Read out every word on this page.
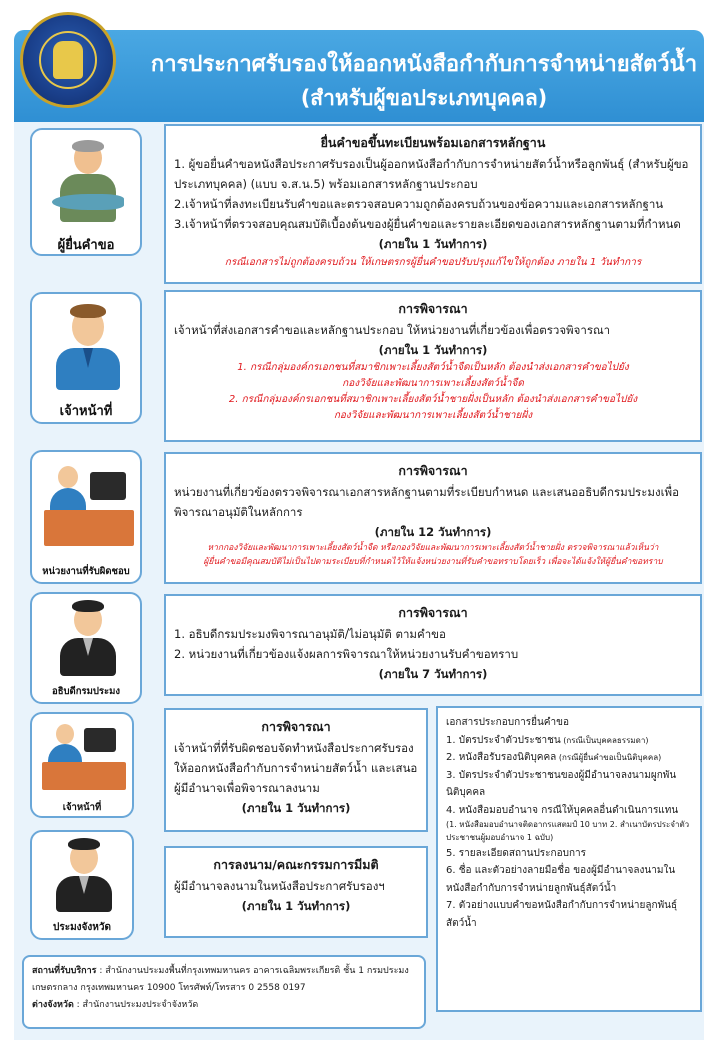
การประกาศรับรองให้ออกหนังสือกำกับการจำหน่ายสัตว์น้ำ
(สำหรับผู้ขอประเภทบุคคล)
ผู้ยื่นคำขอ
เจ้าหน้าที่
หน่วยงานที่รับผิดชอบ
อธิบดีกรมประมง
เจ้าหน้าที่
ประมงจังหวัด
ยื่นคำขอขึ้นทะเบียนพร้อมเอกสารหลักฐาน
1. ผู้ขอยื่นคำขอหนังสือประกาศรับรองเป็นผู้ออกหนังสือกำกับการจำหน่ายสัตว์น้ำหรือลูกพันธุ์ (สำหรับผู้ขอประเภทบุคคล) (แบบ จ.ส.น.5) พร้อมเอกสารหลักฐานประกอบ
2.เจ้าหน้าที่ลงทะเบียนรับคำขอและตรวจสอบความถูกต้องครบถ้วนของข้อความและเอกสารหลักฐาน
3.เจ้าหน้าที่ตรวจสอบคุณสมบัติเบื้องต้นของผู้ยื่นคำขอและรายละเอียดของเอกสารหลักฐานตามที่กำหนด
(ภายใน 1 วันทำการ)
กรณีเอกสารไม่ถูกต้องครบถ้วน ให้เกษตรกรผู้ยื่นคำขอปรับปรุงแก้ไขให้ถูกต้อง ภายใน 1 วันทำการ
การพิจารณา
เจ้าหน้าที่ส่งเอกสารคำขอและหลักฐานประกอบ ให้หน่วยงานที่เกี่ยวข้องเพื่อตรวจพิจารณา
(ภายใน 1 วันทำการ)
1. กรณีกลุ่มองค์กรเอกชนที่สมาชิกเพาะเลี้ยงสัตว์น้ำจืดเป็นหลัก ต้องนำส่งเอกสารคำขอไปยัง
กองวิจัยและพัฒนาการเพาะเลี้ยงสัตว์น้ำจืด
2. กรณีกลุ่มองค์กรเอกชนที่สมาชิกเพาะเลี้ยงสัตว์น้ำชายฝั่งเป็นหลัก ต้องนำส่งเอกสารคำขอไปยัง
กองวิจัยและพัฒนาการเพาะเลี้ยงสัตว์น้ำชายฝั่ง
การพิจารณา
หน่วยงานที่เกี่ยวข้องตรวจพิจารณาเอกสารหลักฐานตามที่ระเบียบกำหนด และเสนออธิบดีกรมประมงเพื่อพิจารณาอนุมัติในหลักการ
(ภายใน 12 วันทำการ)
หากกองวิจัยและพัฒนาการเพาะเลี้ยงสัตว์น้ำจืด หรือกองวิจัยและพัฒนาการเพาะเลี้ยงสัตว์น้ำชายฝั่ง ตรวจพิจารณาแล้วเห็นว่า
ผู้ยื่นคำขอมีคุณสมบัติไม่เป็นไปตามระเบียบที่กำหนดไว้ให้แจ้งหน่วยงานที่รับคำขอทราบโดยเร็ว เพื่อจะได้แจ้งให้ผู้ยื่นคำขอทราบ
การพิจารณา
1. อธิบดีกรมประมงพิจารณาอนุมัติ/ไม่อนุมัติ ตามคำขอ
2. หน่วยงานที่เกี่ยวข้องแจ้งผลการพิจารณาให้หน่วยงานรับคำขอทราบ
(ภายใน 7 วันทำการ)
การพิจารณา
เจ้าหน้าที่ที่รับผิดชอบจัดทำหนังสือประกาศรับรองให้ออกหนังสือกำกับการจำหน่ายสัตว์น้ำ และเสนอผู้มีอำนาจเพื่อพิจารณาลงนาม
(ภายใน 1 วันทำการ)
การลงนาม/คณะกรรมการมีมติ
ผู้มีอำนาจลงนามในหนังสือประกาศรับรองฯ
(ภายใน 1 วันทำการ)
เอกสารประกอบการยื่นคำขอ
1. บัตรประจำตัวประชาชน (กรณีเป็นบุคคลธรรมดา)
2. หนังสือรับรองนิติบุคคล (กรณีผู้ยื่นคำขอเป็นนิติบุคคล)
3. บัตรประจำตัวประชาชนของผู้มีอำนาจลงนามผูกพันนิติบุคคล
4. หนังสือมอบอำนาจ กรณีให้บุคคลอื่นดำเนินการแทน
(1. หนังสือมอบอำนาจติดอากรแสตมป์ 10 บาท 2. สำเนาบัตรประจำตัวประชาชนผู้มอบอำนาจ 1 ฉบับ)
5. รายละเอียดสถานประกอบการ
6. ชื่อ และตัวอย่างลายมือชื่อ ของผู้มีอำนาจลงนามในหนังสือกำกับการจำหน่ายลูกพันธุ์สัตว์น้ำ
7. ตัวอย่างแบบคำขอหนังสือกำกับการจำหน่ายลูกพันธุ์สัตว์น้ำ
สถานที่รับบริการ : สำนักงานประมงพื้นที่กรุงเทพมหานคร อาคารเฉลิมพระเกียรติ ชั้น 1 กรมประมง เกษตรกลาง กรุงเทพมหานคร 10900 โทรศัพท์/โทรสาร 0 2558 0197
ต่างจังหวัด : สำนักงานประมงประจำจังหวัด
